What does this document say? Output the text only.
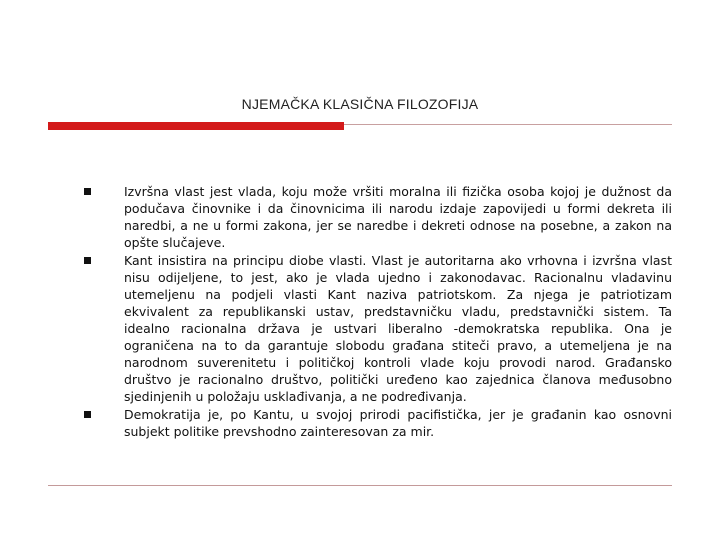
NJEMAČKA KLASIČNA FILOZOFIJA
Izvršna vlast jest vlada, koju može vršiti moralna ili fizička osoba kojoj je dužnost da podučava činovnike i da činovnicima ili narodu izdaje zapovijedi u formi dekreta ili naredbi, a ne u formi zakona, jer se naredbe i dekreti odnose na posebne, a zakon na opšte slučajeve.
Kant insistira na principu diobe vlasti. Vlast je autoritarna ako vrhovna i izvršna vlast nisu odijeljene, to jest, ako je vlada ujedno i zakonodavac. Racionalnu vladavinu utemeljenu na podjeli vlasti Kant naziva patriotskom. Za njega je patriotizam ekvivalent za republikanski ustav, predstavničku vladu, predstavnički sistem. Ta idealno racionalna država je ustvari liberalno -demokratska republika. Ona je ograničena na to da garantuje slobodu građana stiteči pravo, a utemeljena je na narodnom suverenitetu i političkoj kontroli vlade koju provodi narod. Građansko društvo je racionalno društvo, politički uređeno kao zajednica članova međusobno sjedinjenih u položaju usklađivanja, a ne podređivanja.
Demokratija je, po Kantu, u svojoj prirodi pacifistička, jer je građanin kao osnovni subjekt politike prevshodno zainteresovan za mir.
